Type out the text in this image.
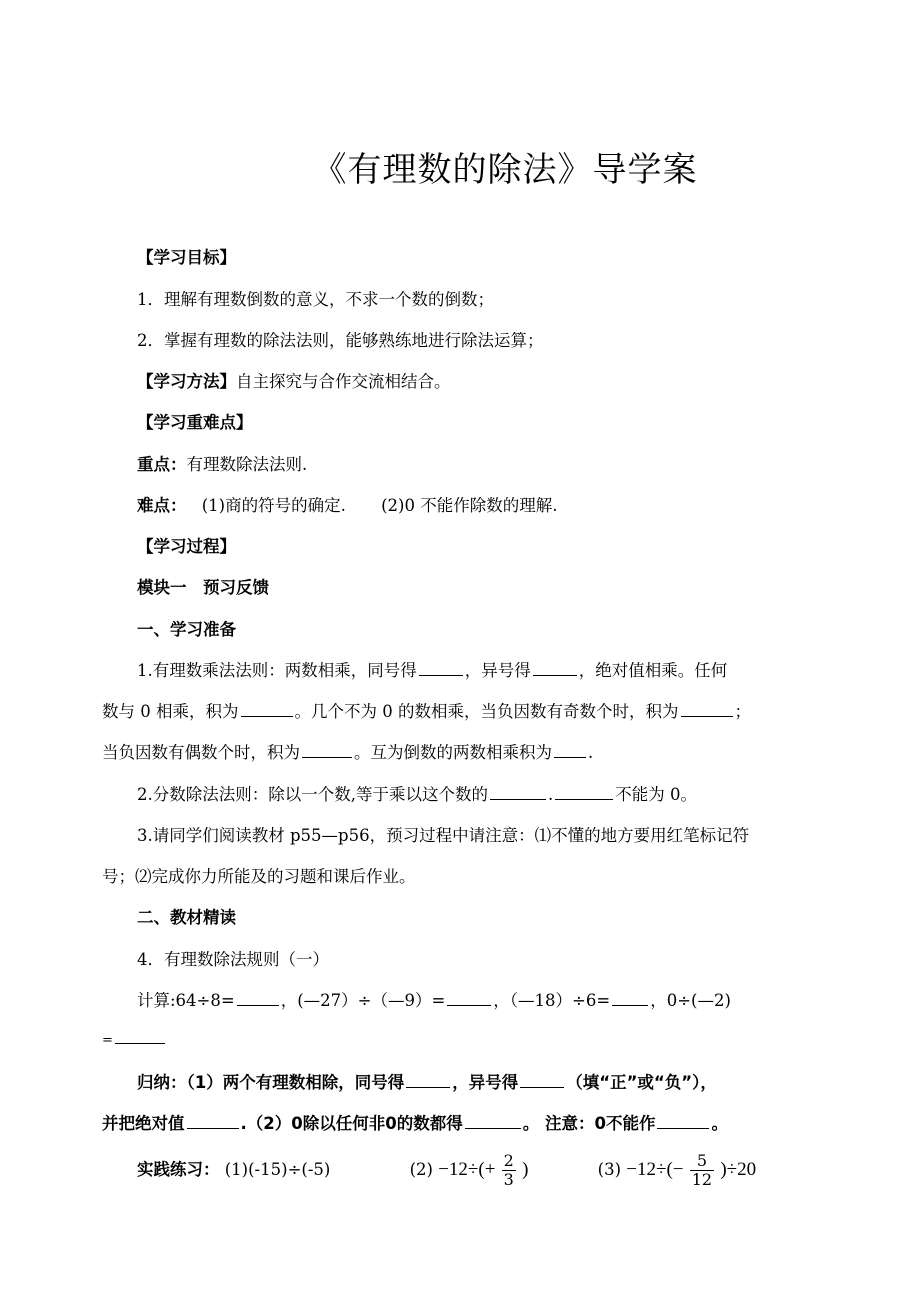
《有理数的除法》导学案
【学习目标】
1．理解有理数倒数的意义，不求一个数的倒数；
2．掌握有理数的除法法则，能够熟练地进行除法运算；
【学习方法】自主探究与合作交流相结合。
【学习重难点】
重点：有理数除法法则.
难点： (1)商的符号的确定. (2)0 不能作除数的理解.
【学习过程】
模块一　预习反馈
一、学习准备
1.有理数乘法法则：两数相乘，同号得	，异号得	，绝对值相乘。任何
数与 0 相乘，积为	。几个不为 0 的数相乘，当负因数有奇数个时，积为	；
当负因数有偶数个时，积为	。互为倒数的两数相乘积为 .
2.分数除法法则：除以一个数,等于乘以这个数的	.	不能为 0。
3.请同学们阅读教材 p55—p56，预习过程中请注意：⑴不懂的地方要用红笔标记符
号；⑵完成你力所能及的习题和课后作业。
二、教材精读
4．有理数除法规则（一）
计算:64÷8=	，(—27）÷（—9）=	，（—18）÷6= ，0÷(—2)
=
归纳：（1）两个有理数相除，同号得	，异号得	（填“正”或“负”），
并把绝对值	.（2）0除以任何非0的数都得	。 注意：0不能作	。
实践练习： (1)(-15)÷(-5)	$(2) -12\div(+ \frac{2}{3}$ )	$(3) -12\div(- \frac{5}{12} )\div 20$
